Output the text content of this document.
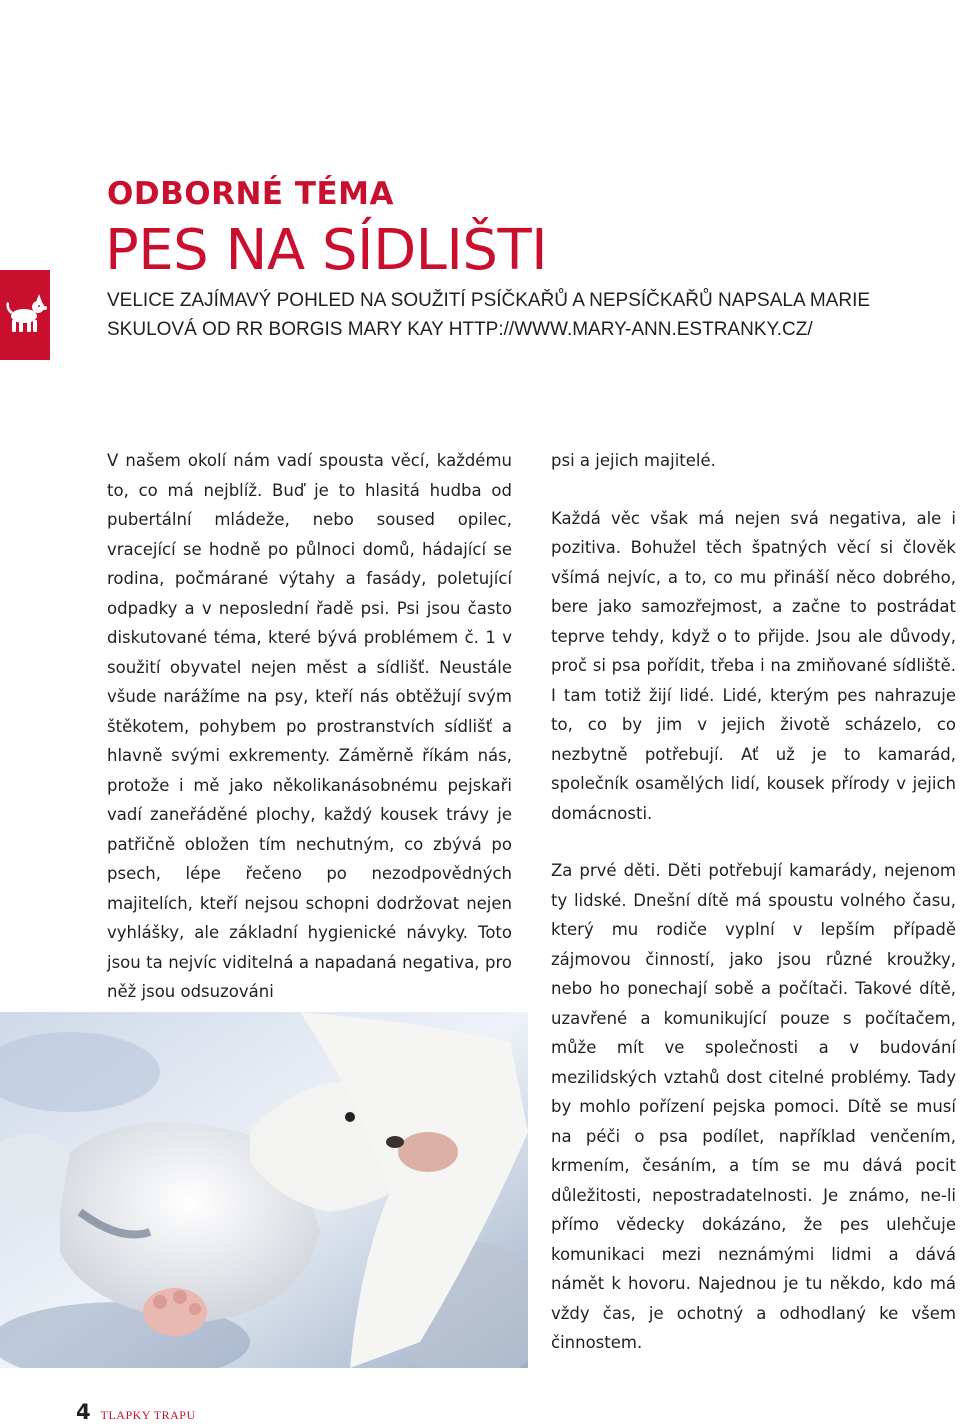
ODBORNÉ TÉMA
PES NA SÍDLIŠTI

VELICE ZAJÍMAVÝ POHLED NA SOUŽITÍ PSÍČKAŘŮ A NEPSÍČKAŘŮ NAPSALA MARIE SKULOVÁ OD RR BORGIS MARY KAY HTTP://WWW.MARY-ANN.ESTRANKY.CZ/

V našem okolí nám vadí spousta věcí, každému to, co má nejblíž. Buď je to hlasitá hudba od pubertální mládeže, nebo soused opilec, vracející se hodně po půlnoci domů, hádající se rodina, počmárané výtahy a fasády, poletující odpadky a v neposlední řadě psi. Psi jsou často diskutované téma, které bývá problémem č. 1 v soužití obyvatel nejen měst a sídlišť. Neustále všude narážíme na psy, kteří nás obtěžují svým štěkotem, pohybem po prostranstvích sídlišť a hlavně svými exkrementy. Záměrně říkám nás, protože i mě jako několikanásobnému pejskaři vadí zaneřáděné plochy, každý kousek trávy je patřičně obložen tím nechutným, co zbývá po psech, lépe řečeno po nezodpovědných majitelích, kteří nejsou schopni dodržovat nejen vyhlášky, ale základní hygienické návyky. Toto jsou ta nejvíc viditelná a napadaná negativa, pro něž jsou odsuzováni

psi a jejich majitelé.

Každá věc však má nejen svá negativa, ale i pozitiva. Bohužel těch špatných věcí si člověk všímá nejvíc, a to, co mu přináší něco dobrého, bere jako samozřejmost, a začne to postrádat teprve tehdy, když o to přijde. Jsou ale důvody, proč si psa pořídit, třeba i na zmiňované sídliště. I tam totiž žijí lidé. Lidé, kterým pes nahrazuje to, co by jim v jejich životě scházelo, co nezbytně potřebují. Ať už je to kamarád, společník osamělých lidí, kousek přírody v jejich domácnosti.

Za prvé děti. Děti potřebují kamarády, nejenom ty lidské. Dnešní dítě má spoustu volného času, který mu rodiče vyplní v lepším případě zájmovou činností, jako jsou různé kroužky, nebo ho ponechají sobě a počítači. Takové dítě, uzavřené a komunikující pouze s počítačem, může mít ve společnosti a v budování mezilidských vztahů dost citelné problémy. Tady by mohlo pořízení pejska pomoci. Dítě se musí na péči o psa podílet, například venčením, krmením, česáním, a tím se mu dává pocit důležitosti, nepostradatelnosti. Je známo, ne-li přímo vědecky dokázáno, že pes ulehčuje komunikaci mezi neznámými lidmi a dává námět k hovoru. Najednou je tu někdo, kdo má vždy čas, je ochotný a odhodlaný ke všem činnostem.

4 TLAPKY TRAPU
